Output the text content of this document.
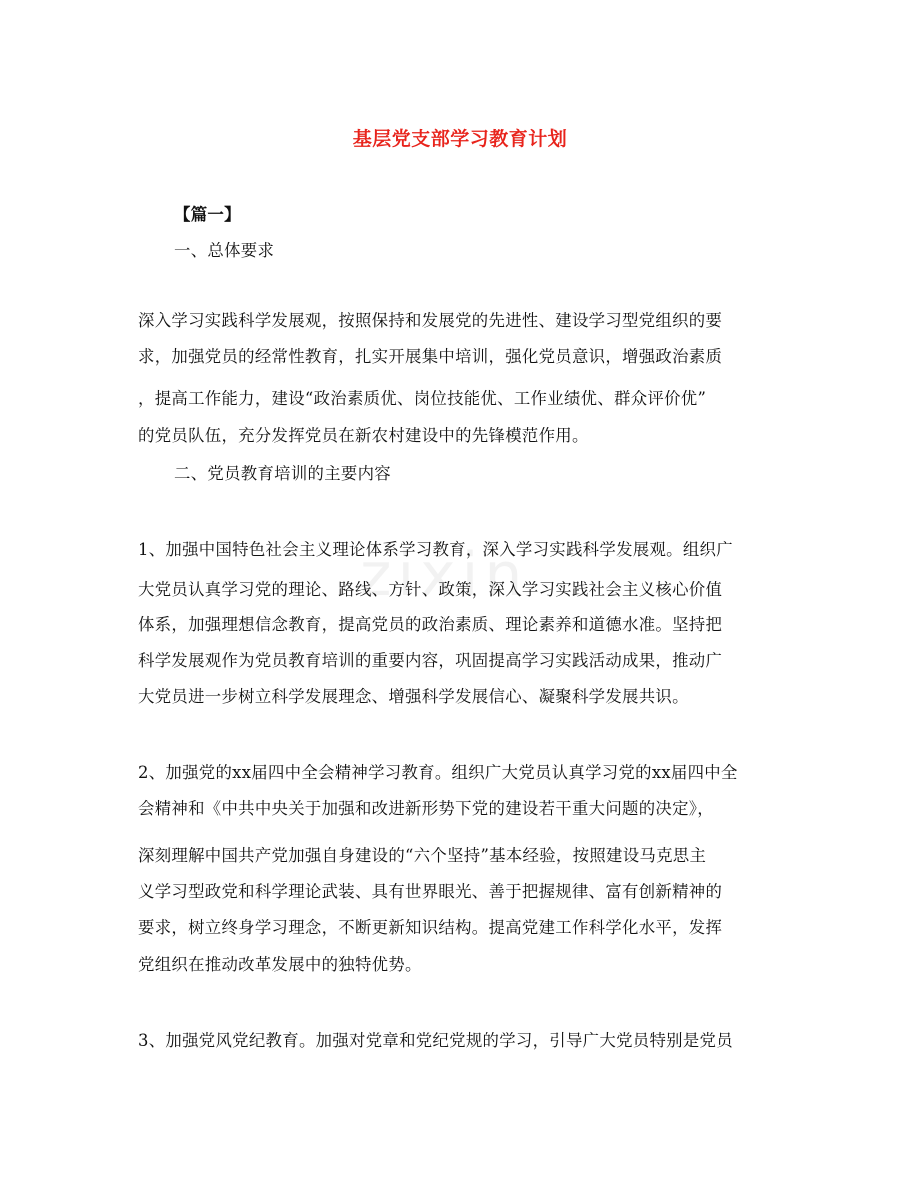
zixin
基层党支部学习教育计划
【篇一】
一、总体要求
深入学习实践科学发展观，按照保持和发展党的先进性、建设学习型党组织的要
求，加强党员的经常性教育，扎实开展集中培训，强化党员意识，增强政治素质
，提高工作能力，建设“政治素质优、岗位技能优、工作业绩优、群众评价优”
的党员队伍，充分发挥党员在新农村建设中的先锋模范作用。
二、党员教育培训的主要内容
1、加强中国特色社会主义理论体系学习教育，深入学习实践科学发展观。组织广
大党员认真学习党的理论、路线、方针、政策，深入学习实践社会主义核心价值
体系，加强理想信念教育，提高党员的政治素质、理论素养和道德水准。坚持把
科学发展观作为党员教育培训的重要内容，巩固提高学习实践活动成果，推动广
大党员进一步树立科学发展理念、增强科学发展信心、凝聚科学发展共识。
2、加强党的xx届四中全会精神学习教育。组织广大党员认真学习党的xx届四中全
会精神和《中共中央关于加强和改进新形势下党的建设若干重大问题的决定》，
深刻理解中国共产党加强自身建设的“六个坚持”基本经验，按照建设马克思主
义学习型政党和科学理论武装、具有世界眼光、善于把握规律、富有创新精神的
要求，树立终身学习理念，不断更新知识结构。提高党建工作科学化水平，发挥
党组织在推动改革发展中的独特优势。
3、加强党风党纪教育。加强对党章和党纪党规的学习，引导广大党员特别是党员
